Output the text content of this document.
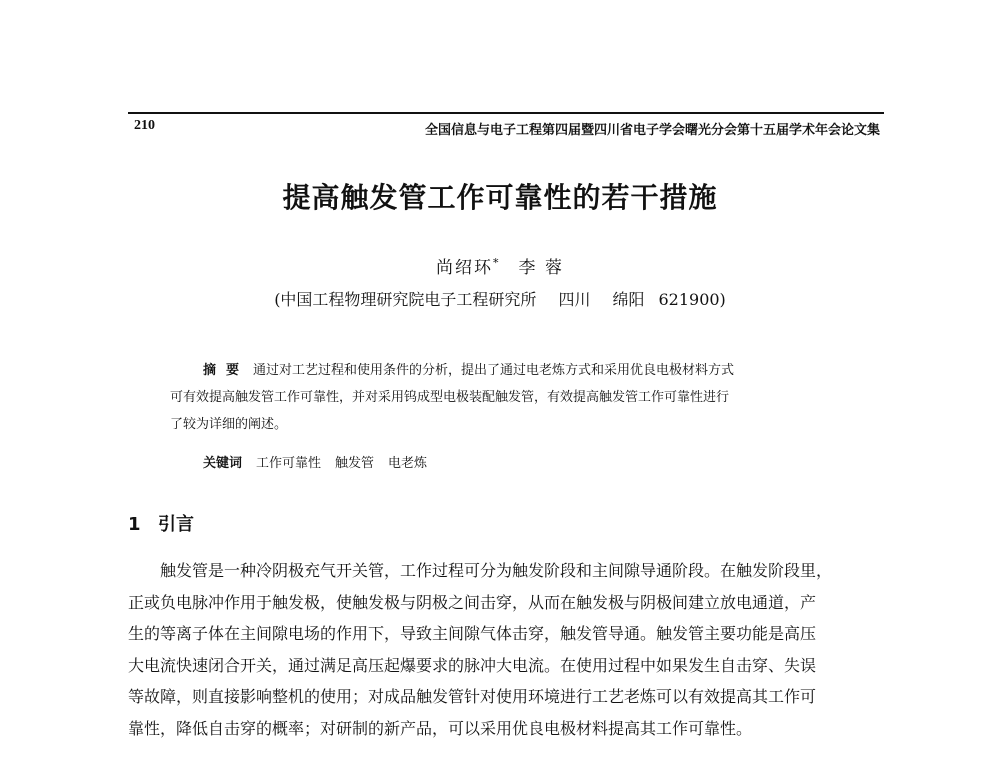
210	全国信息与电子工程第四届暨四川省电子学会曙光分会第十五届学术年会论文集
提高触发管工作可靠性的若干措施
尚绍环* 李 蓉
(中国工程物理研究院电子工程研究所 四川 绵阳 621900)
摘要 通过对工艺过程和使用条件的分析，提出了通过电老炼方式和采用优良电极材料方式
可有效提高触发管工作可靠性，并对采用钨成型电极装配触发管，有效提高触发管工作可靠性进行
了较为详细的阐述。
关键词 工作可靠性 触发管 电老炼
1 引言
触发管是一种冷阴极充气开关管，工作过程可分为触发阶段和主间隙导通阶段。在触发阶段里，
正或负电脉冲作用于触发极，使触发极与阴极之间击穿，从而在触发极与阴极间建立放电通道，产
生的等离子体在主间隙电场的作用下，导致主间隙气体击穿，触发管导通。触发管主要功能是高压
大电流快速闭合开关，通过满足高压起爆要求的脉冲大电流。在使用过程中如果发生自击穿、失误
等故障，则直接影响整机的使用；对成品触发管针对使用环境进行工艺老炼可以有效提高其工作可
靠性，降低自击穿的概率；对研制的新产品，可以采用优良电极材料提高其工作可靠性。
